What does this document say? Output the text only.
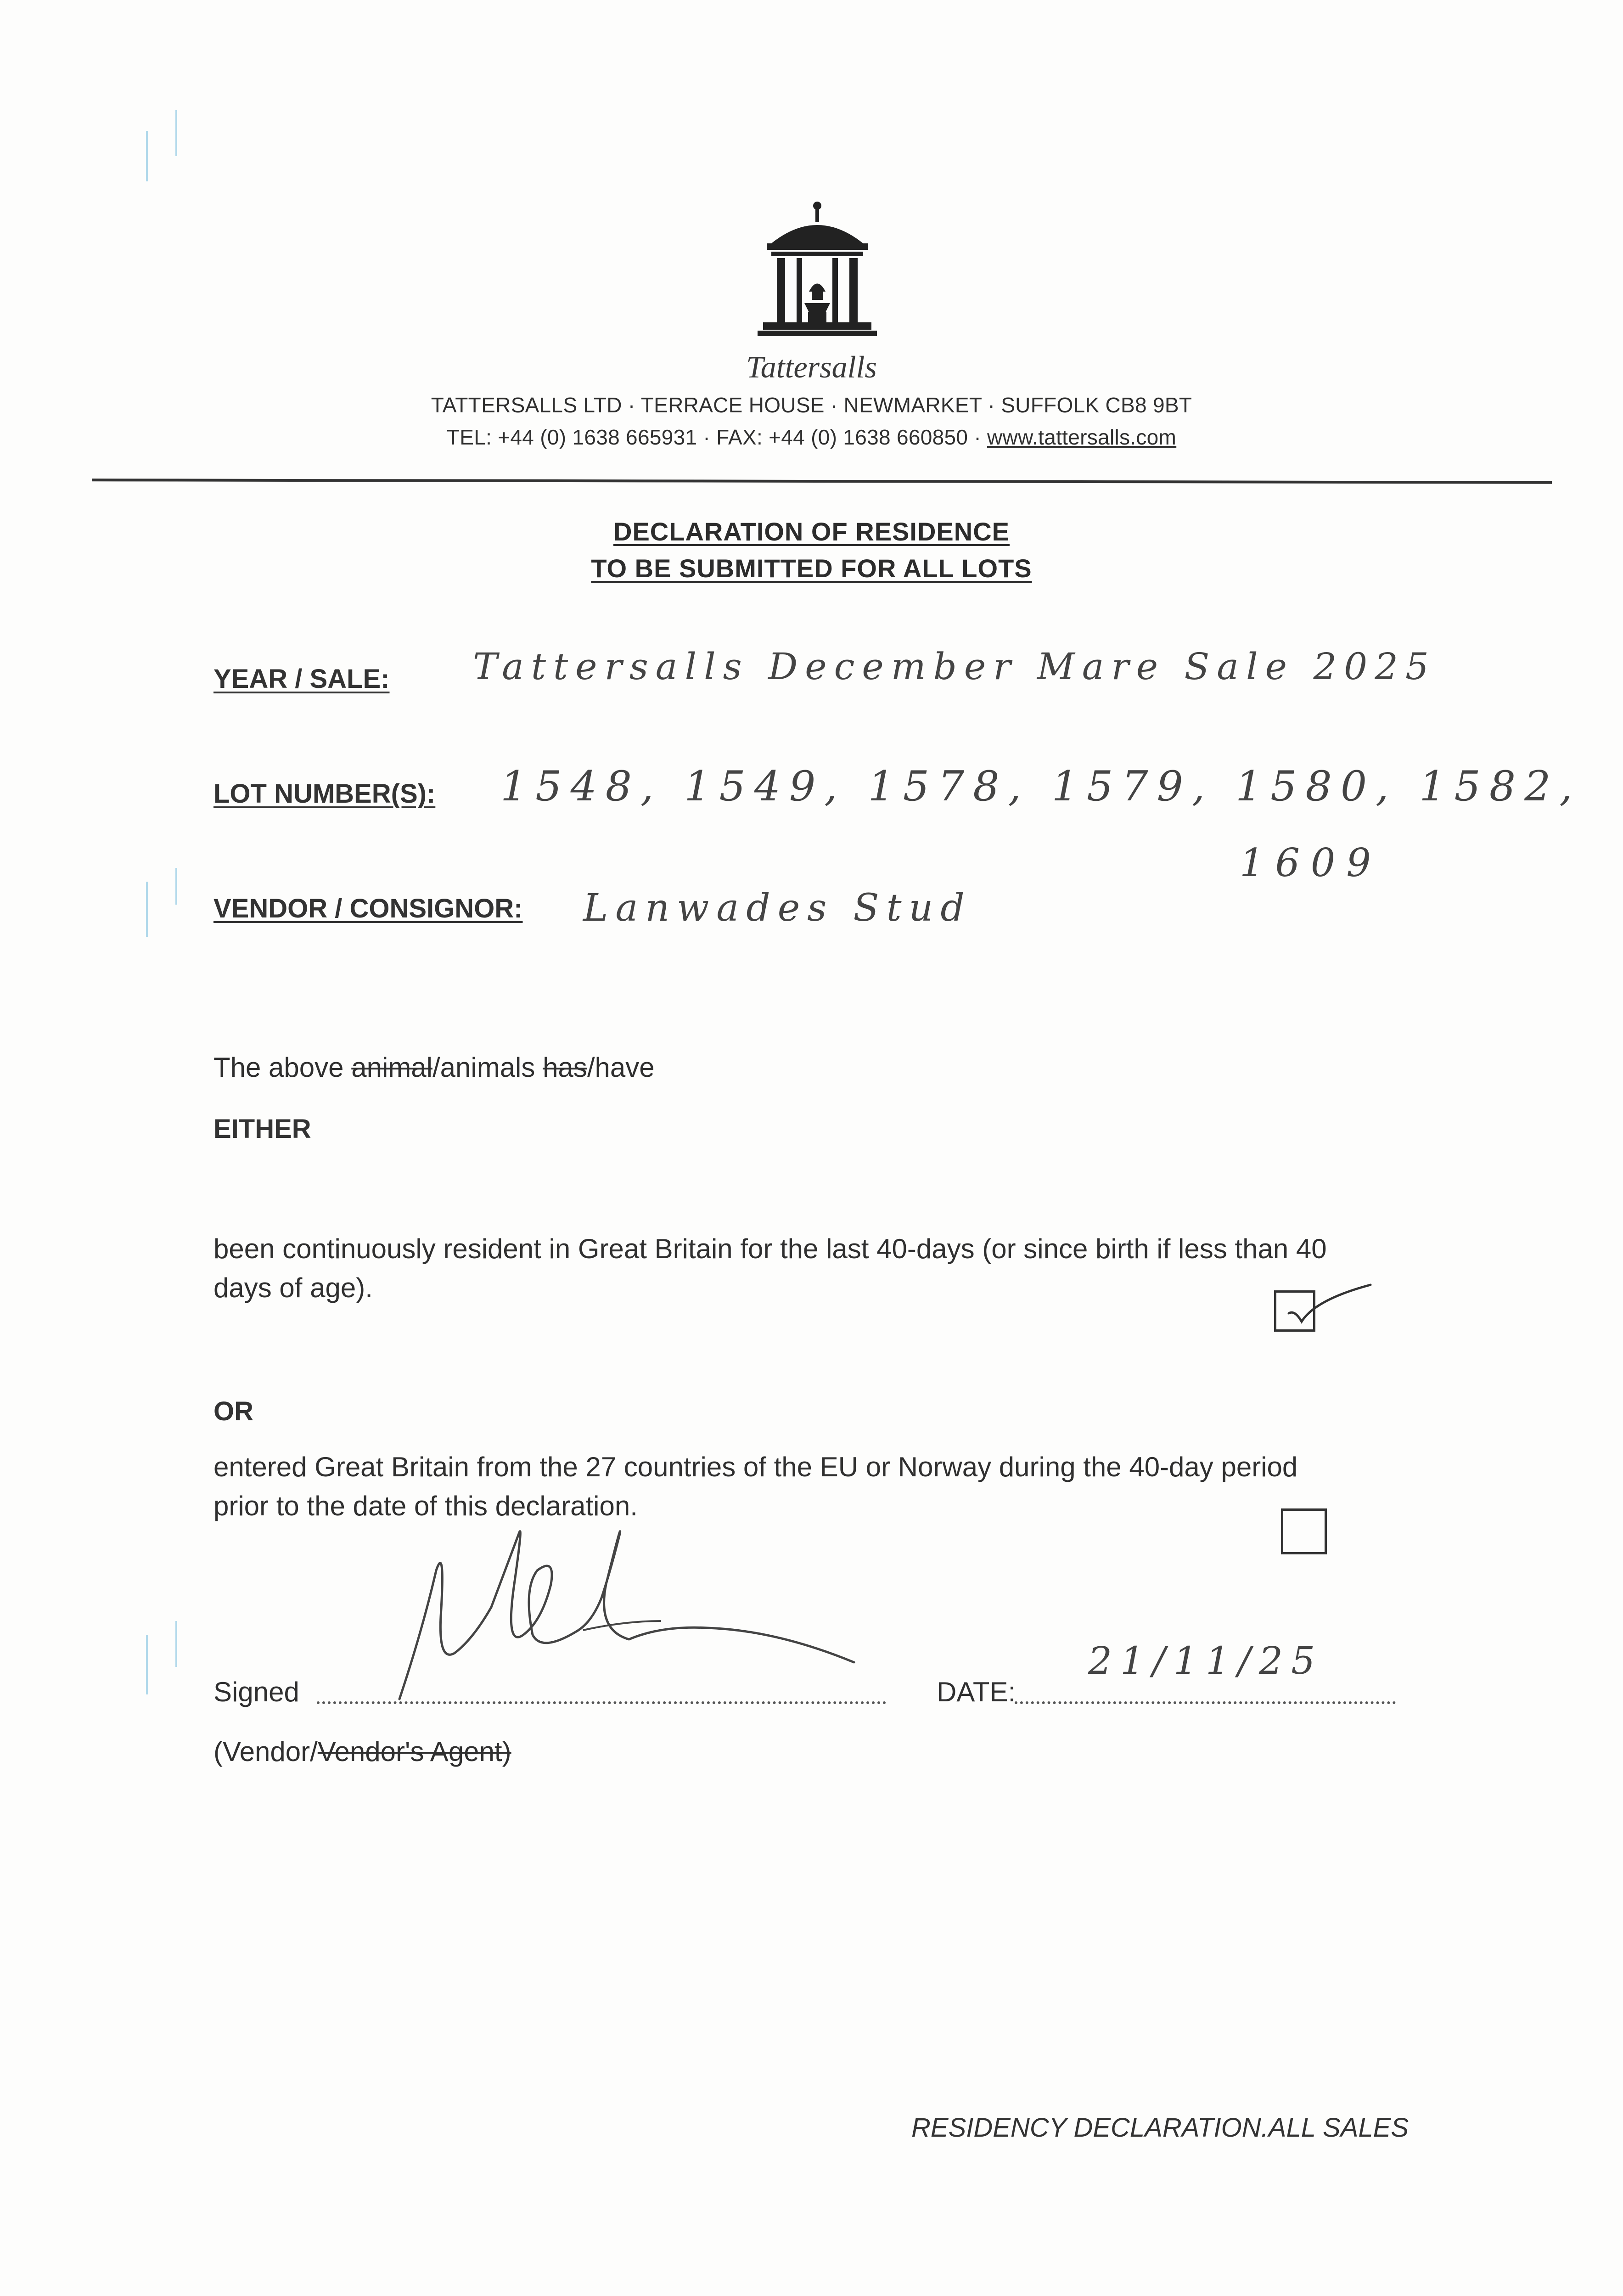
Tattersalls
TATTERSALLS LTD · TERRACE HOUSE · NEWMARKET · SUFFOLK CB8 9BT
TEL: +44 (0) 1638 665931 · FAX: +44 (0) 1638 660850 · www.tattersalls.com
DECLARATION OF RESIDENCE
TO BE SUBMITTED FOR ALL LOTS
YEAR / SALE: Tattersalls December Mare Sale 2025
LOT NUMBER(S): 1548, 1549, 1578, 1579, 1580, 1582,
1609
VENDOR / CONSIGNOR: Lanwades Stud
The above animal/animals has/have
EITHER
been continuously resident in Great Britain for the last 40-days (or since birth if less than 40
days of age).
OR
entered Great Britain from the 27 countries of the EU or Norway during the 40-day period
prior to the date of this declaration.
Signed	DATE:
21/11/25
(Vendor/Vendor's Agent)
RESIDENCY DECLARATION.ALL SALES
